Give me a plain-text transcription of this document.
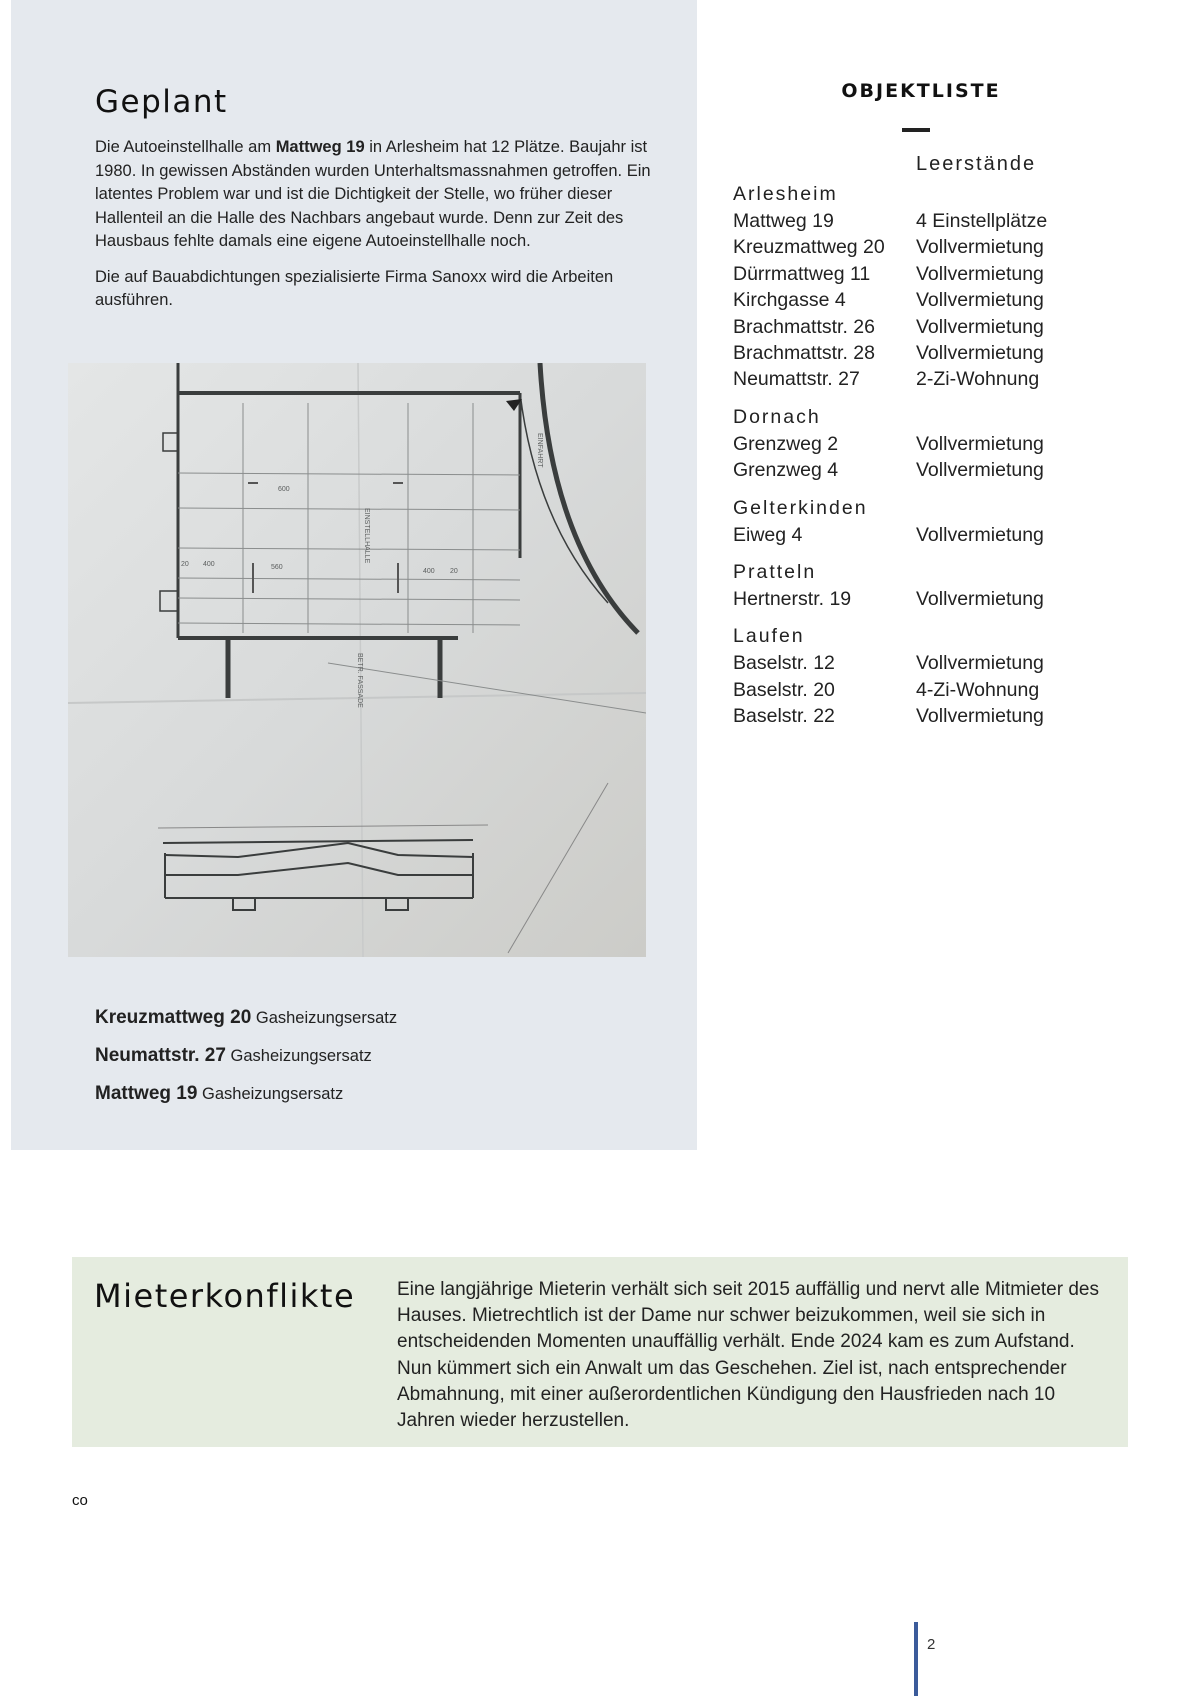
Geplant

Die Autoeinstellhalle am Mattweg 19 in Arlesheim hat 12 Plätze. Baujahr ist 1980. In gewissen Abständen wurden Unterhaltsmassnahmen getroffen. Ein latentes Problem war und ist die Dichtigkeit der Stelle, wo früher dieser Hallenteil an die Halle des Nachbars angebaut wurde. Denn zur Zeit des Hausbaus fehlte damals eine eigene Autoeinstellhalle noch.

Die auf Bauabdichtungen spezialisierte Firma Sanoxx wird die Arbeiten ausführen.

400	560
400
600
20
20
EINSTELLHALLE
EINFAHRT
BETR. FASSADE
Kreuzmattweg 20 Gasheizungsersatz
Neumattstr. 27 Gasheizungsersatz
Mattweg 19 Gasheizungsersatz
OBJEKTLISTE
Leerstände
Arlesheim
Mattweg 19	4 Einstellplätze
Kreuzmattweg 20	Vollvermietung
Dürrmattweg 11	Vollvermietung
Kirchgasse 4	Vollvermietung
Brachmattstr. 26	Vollvermietung
Brachmattstr. 28	Vollvermietung
Neumattstr. 27	2-Zi-Wohnung
Dornach
Grenzweg 2	Vollvermietung
Grenzweg 4	Vollvermietung
Gelterkinden
Eiweg 4	Vollvermietung
Pratteln
Hertnerstr. 19	Vollvermietung
Laufen
Baselstr. 12	Vollvermietung
Baselstr. 20	4-Zi-Wohnung
Baselstr. 22	Vollvermietung
Mieterkonflikte Eine langjährige Mieterin verhält sich seit 2015 auffällig und nervt alle Mitmieter des Hauses. Mietrechtlich ist der Dame nur schwer beizukommen, weil sie sich in entscheidenden Momenten unauffällig verhält. Ende 2024 kam es zum Aufstand. Nun kümmert sich ein Anwalt um das Geschehen. Ziel ist, nach entsprechender Abmahnung, mit einer außerordentlichen Kündigung den Hausfrieden nach 10 Jahren wieder herzustellen.

co
2
